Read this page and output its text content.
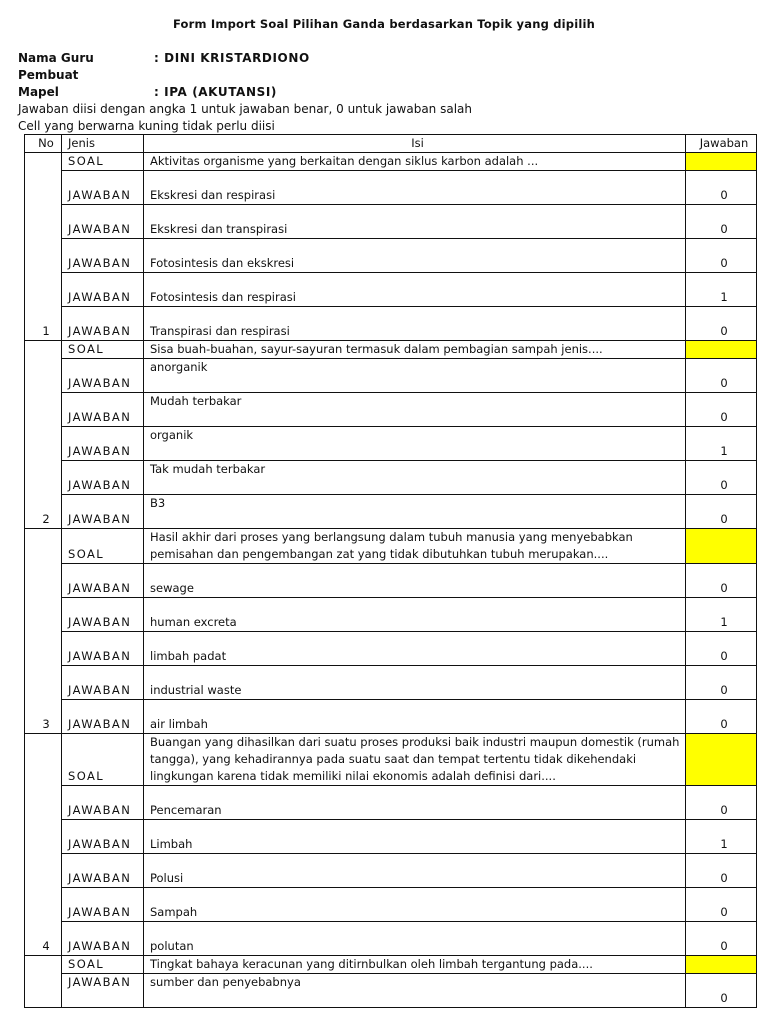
Form Import Soal Pilihan Ganda berdasarkan Topik yang dipilih
Nama Guru Pembuat
: DINI KRISTARDIONO
Mapel	: IPA (AKUTANSI)
Jawaban diisi dengan angka 1 untuk jawaban benar, 0 untuk jawaban salah
Cell yang berwarna kuning tidak perlu diisi
No	Jenis	Isi	Jawaban
1	SOAL	Aktivitas organisme yang berkaitan dengan siklus karbon adalah ...	
	JAWABAN	Ekskresi dan respirasi	0
	JAWABAN	Ekskresi dan transpirasi	0
	JAWABAN	Fotosintesis dan ekskresi	0
	JAWABAN	Fotosintesis dan respirasi	1
	JAWABAN	Transpirasi dan respirasi	0
2	SOAL	Sisa buah-buahan, sayur-sayuran termasuk dalam pembagian sampah jenis....	
	JAWABAN	anorganik	0
	JAWABAN	Mudah terbakar	0
	JAWABAN	organik	1
	JAWABAN	Tak mudah terbakar	0
	JAWABAN	B3	0
3	SOAL	Hasil akhir dari proses yang berlangsung dalam tubuh manusia yang menyebabkan pemisahan dan pengembangan zat yang tidak dibutuhkan tubuh merupakan....	
	JAWABAN	sewage	0
	JAWABAN	human excreta	1
	JAWABAN	limbah padat	0
	JAWABAN	industrial waste	0
	JAWABAN	air limbah	0
4	SOAL	Buangan yang dihasilkan dari suatu proses produksi baik industri maupun domestik (rumah tangga), yang kehadirannya pada suatu saat dan tempat tertentu tidak dikehendaki lingkungan karena tidak memiliki nilai ekonomis adalah definisi dari....	
	JAWABAN	Pencemaran	0
	JAWABAN	Limbah	1
	JAWABAN	Polusi	0
	JAWABAN	Sampah	0
	JAWABAN	polutan	0
	SOAL	Tingkat bahaya keracunan yang ditirnbulkan oleh limbah tergantung pada....	
	JAWABAN	sumber dan penyebabnya	0
